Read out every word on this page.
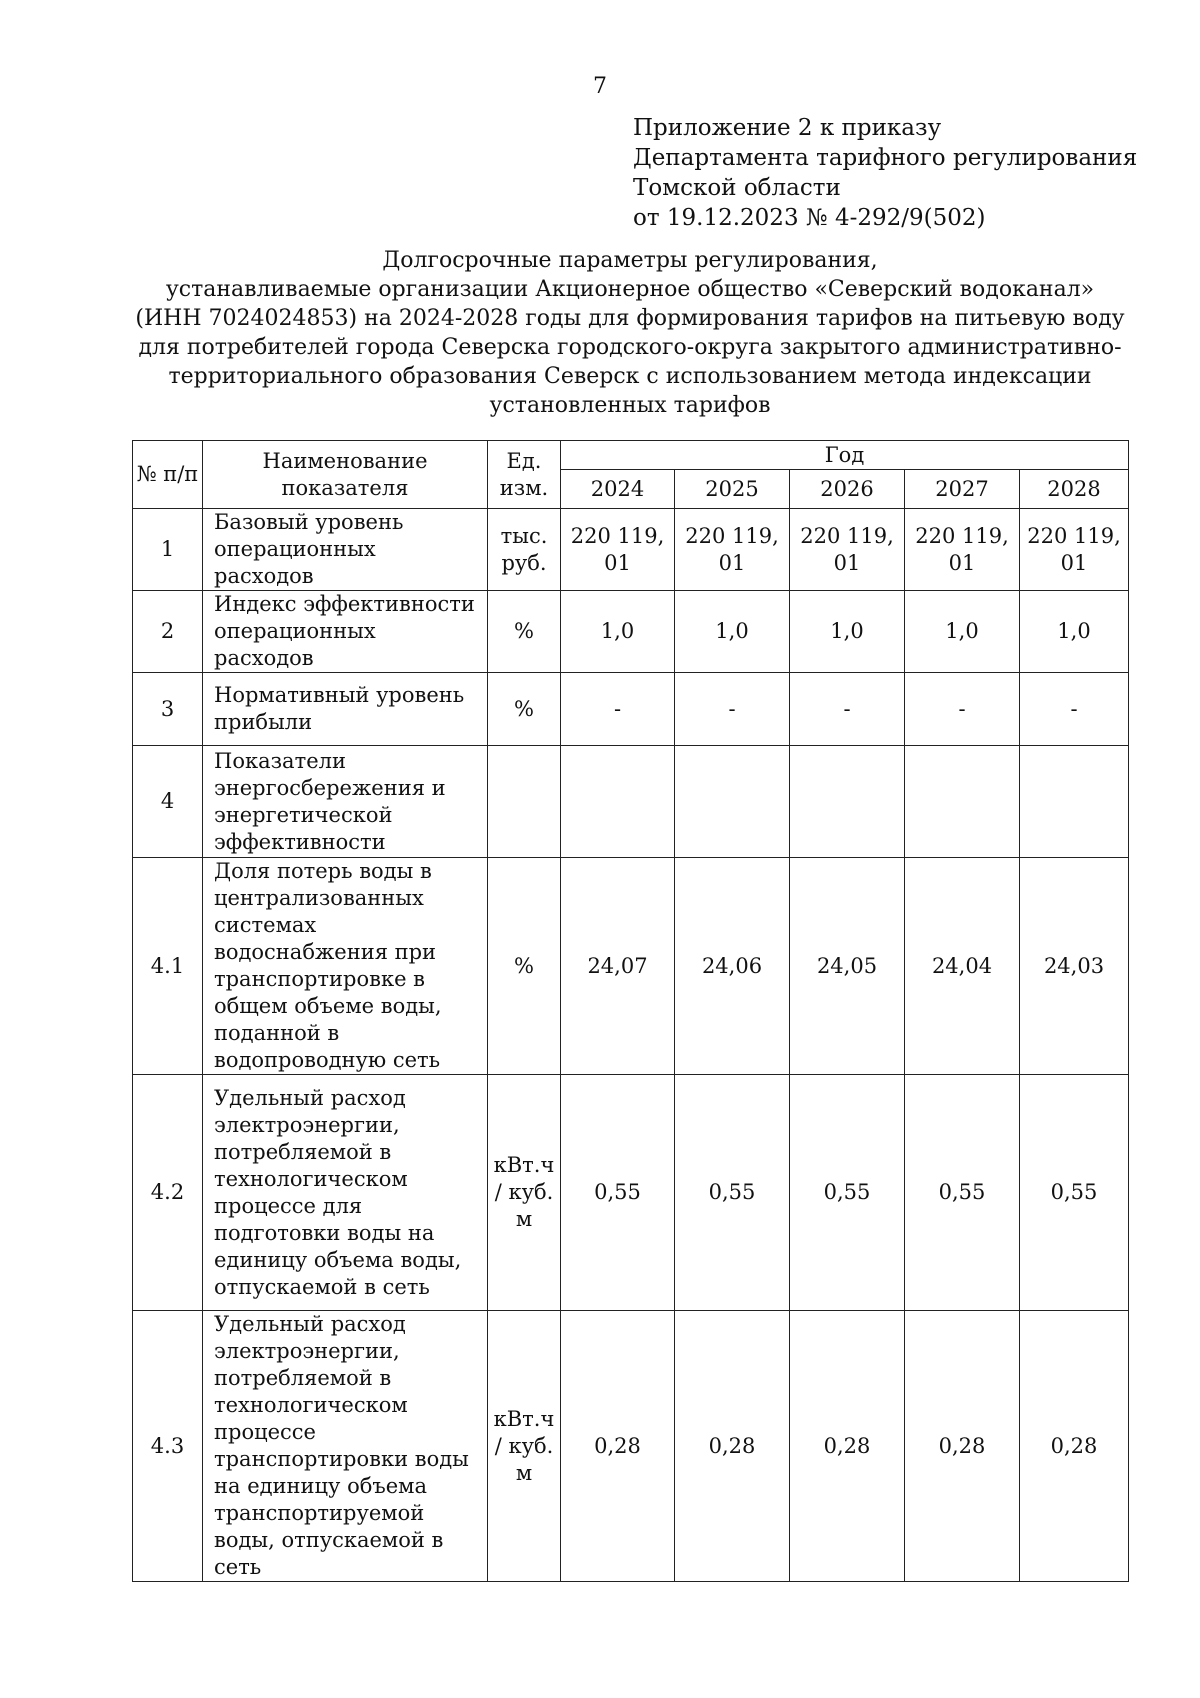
7
Приложение 2 к приказу
Департамента тарифного регулирования
Томской области
от 19.12.2023 № 4-292/9(502)
Долгосрочные параметры регулирования,
устанавливаемые организации Акционерное общество «Северский водоканал»
(ИНН 7024024853) на 2024-2028 годы для формирования тарифов на питьевую воду
для потребителей города Северска городского-округа закрытого административно-
территориального образования Северск с использованием метода индексации
установленных тарифов
№ п/п	Наименование показателя	Ед. изм.	Год				
			2024	2025	2026	2027	2028
1	Базовый уровень операционных расходов	тыс. руб.	220 119, 01	220 119, 01	220 119, 01	220 119, 01	220 119, 01
2	Индекс эффективности операционных расходов	%	1,0	1,0	1,0	1,0	1,0
3	Нормативный уровень прибыли	%	-	-	-	-	-
4	Показатели энергосбережения и энергетической эффективности						
4.1	Доля потерь воды в централизованных системах водоснабжения при транспортировке в общем объеме воды, поданной в водопроводную сеть	%	24,07	24,06	24,05	24,04	24,03
4.2	Удельный расход электроэнергии, потребляемой в технологическом процессе для подготовки воды на единицу объема воды, отпускаемой в сеть	кВт.ч / куб. м	0,55	0,55	0,55	0,55	0,55
4.3	Удельный расход электроэнергии, потребляемой в технологическом процессе транспортировки воды на единицу объема транспортируемой воды, отпускаемой в сеть	кВт.ч / куб. м	0,28	0,28	0,28	0,28	0,28
